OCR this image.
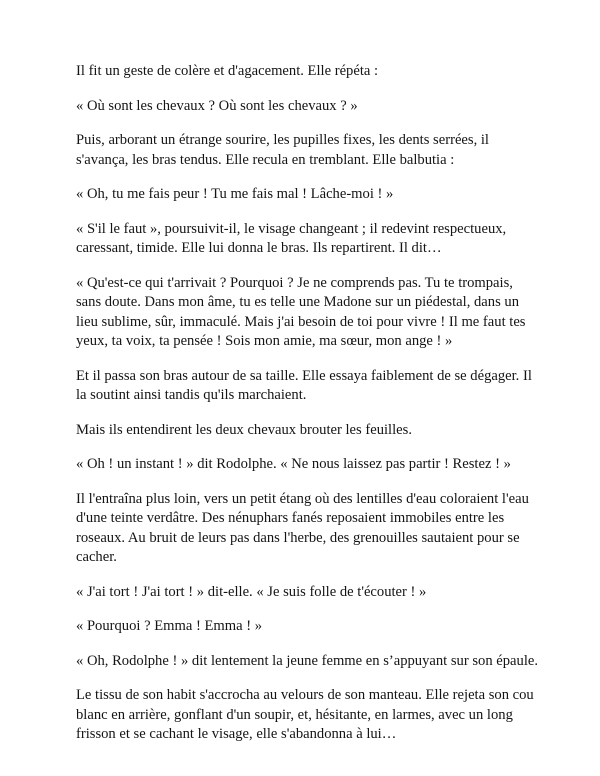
Il fit un geste de colère et d'agacement. Elle répéta :

« Où sont les chevaux ? Où sont les chevaux ? »

Puis, arborant un étrange sourire, les pupilles fixes, les dents serrées, il s'avança, les bras tendus. Elle recula en tremblant. Elle balbutia :

« Oh, tu me fais peur ! Tu me fais mal ! Lâche-moi ! »

« S'il le faut », poursuivit-il, le visage changeant ; il redevint respectueux, caressant, timide. Elle lui donna le bras. Ils repartirent. Il dit…

« Qu'est-ce qui t'arrivait ? Pourquoi ? Je ne comprends pas. Tu te trompais, sans doute. Dans mon âme, tu es telle une Madone sur un piédestal, dans un lieu sublime, sûr, immaculé. Mais j'ai besoin de toi pour vivre ! Il me faut tes yeux, ta voix, ta pensée ! Sois mon amie, ma sœur, mon ange ! »

Et il passa son bras autour de sa taille. Elle essaya faiblement de se dégager. Il la soutint ainsi tandis qu'ils marchaient.

Mais ils entendirent les deux chevaux brouter les feuilles.

« Oh ! un instant ! » dit Rodolphe. « Ne nous laissez pas partir ! Restez ! »

Il l'entraîna plus loin, vers un petit étang où des lentilles d'eau coloraient l'eau d'une teinte verdâtre. Des nénuphars fanés reposaient immobiles entre les roseaux. Au bruit de leurs pas dans l'herbe, des grenouilles sautaient pour se cacher.

« J'ai tort ! J'ai tort ! » dit-elle. « Je suis folle de t'écouter ! »

« Pourquoi ? Emma ! Emma ! »

« Oh, Rodolphe ! » dit lentement la jeune femme en s’appuyant sur son épaule.

Le tissu de son habit s'accrocha au velours de son manteau. Elle rejeta son cou blanc en arrière, gonflant d'un soupir, et, hésitante, en larmes, avec un long frisson et se cachant le visage, elle s'abandonna à lui…
